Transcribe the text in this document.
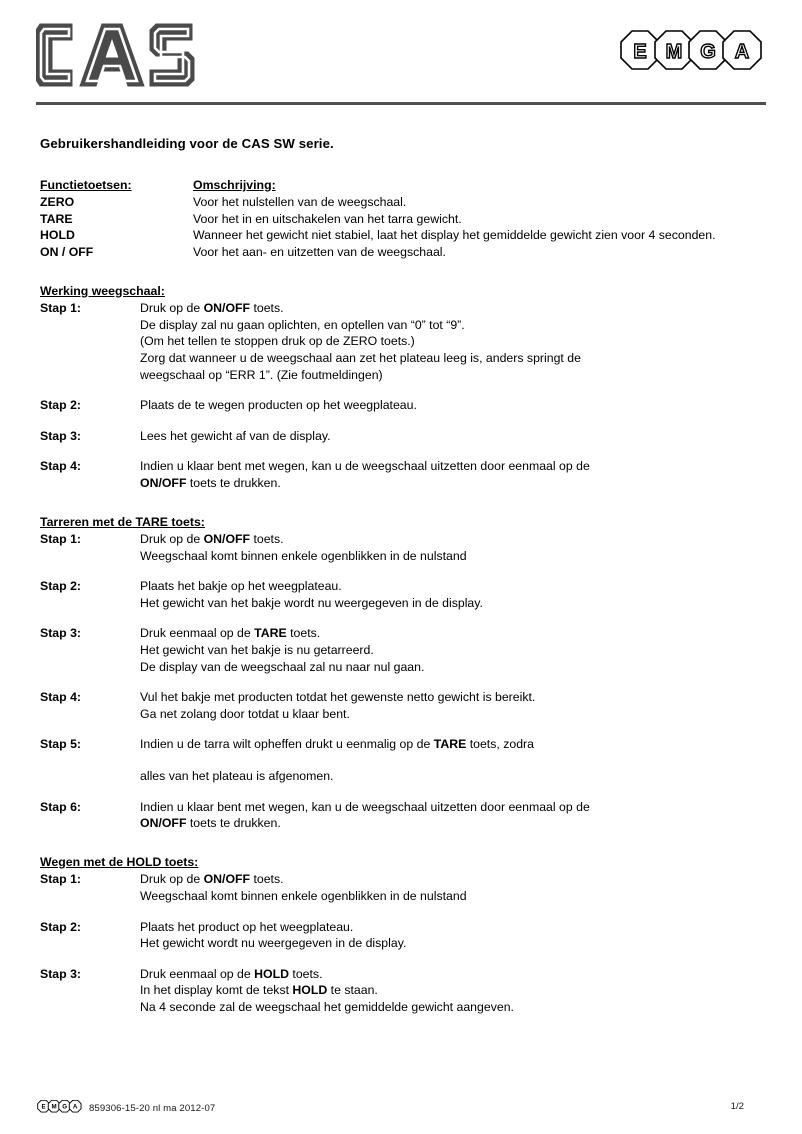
E M G A
Gebruikershandleiding voor de CAS SW serie.
Functietoetsen:	Omschrijving:
ZERO	Voor het nulstellen van de weegschaal.
TARE	Voor het in en uitschakelen van het tarra gewicht.
HOLD	Wanneer het gewicht niet stabiel, laat het display het gemiddelde gewicht zien voor 4 seconden.
ON / OFF	Voor het aan- en uitzetten van de weegschaal.
Werking weegschaal:
Stap 1:	Druk op de ON/OFF toets.
De display zal nu gaan oplichten, en optellen van “0” tot “9”.
(Om het tellen te stoppen druk op de ZERO toets.)
Zorg dat wanneer u de weegschaal aan zet het plateau leeg is, anders springt de
weegschaal op “ERR 1”. (Zie foutmeldingen)
Stap 2:	Plaats de te wegen producten op het weegplateau.
Stap 3:	Lees het gewicht af van de display.
Stap 4:	Indien u klaar bent met wegen, kan u de weegschaal uitzetten door eenmaal op de
ON/OFF toets te drukken.
Tarreren met de TARE toets:
Stap 1:	Druk op de ON/OFF toets.
Weegschaal komt binnen enkele ogenblikken in de nulstand
Stap 2:	Plaats het bakje op het weegplateau.
Het gewicht van het bakje wordt nu weergegeven in de display.
Stap 3:	Druk eenmaal op de TARE toets.
Het gewicht van het bakje is nu getarreerd.
De display van de weegschaal zal nu naar nul gaan.
Stap 4:	Vul het bakje met producten totdat het gewenste netto gewicht is bereikt.
Ga net zolang door totdat u klaar bent.
Stap 5:	Indien u de tarra wilt opheffen drukt u eenmalig op de TARE toets, zodra
alles van het plateau is afgenomen.
Stap 6:	Indien u klaar bent met wegen, kan u de weegschaal uitzetten door eenmaal op de
ON/OFF toets te drukken.
Wegen met de HOLD toets:
Stap 1:	Druk op de ON/OFF toets.
Weegschaal komt binnen enkele ogenblikken in de nulstand
Stap 2:	Plaats het product op het weegplateau.
Het gewicht wordt nu weergegeven in de display.
Stap 3:	Druk eenmaal op de HOLD toets.
In het display komt de tekst HOLD te staan.
Na 4 seconde zal de weegschaal het gemiddelde gewicht aangeven.
E M G A 859306-15-20 nl ma 2012-07	1/2
